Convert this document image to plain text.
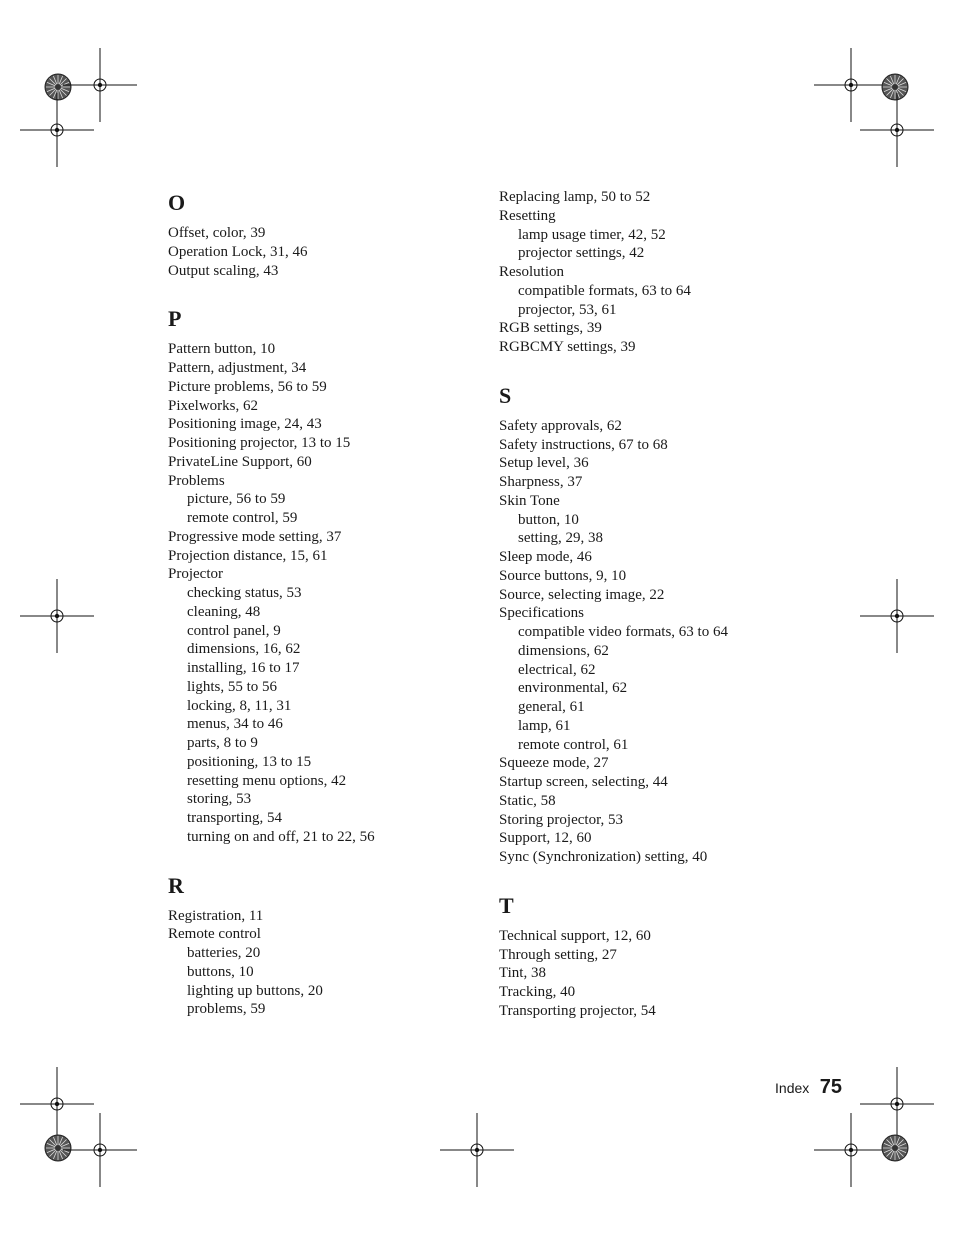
O
Offset, color, 39
Operation Lock, 31, 46
Output scaling, 43
P
Pattern button, 10
Pattern, adjustment, 34
Picture problems, 56 to 59
Pixelworks, 62
Positioning image, 24, 43
Positioning projector, 13 to 15
PrivateLine Support, 60
Problems
picture, 56 to 59
remote control, 59
Progressive mode setting, 37
Projection distance, 15, 61
Projector
checking status, 53
cleaning, 48
control panel, 9
dimensions, 16, 62
installing, 16 to 17
lights, 55 to 56
locking, 8, 11, 31
menus, 34 to 46
parts, 8 to 9
positioning, 13 to 15
resetting menu options, 42
storing, 53
transporting, 54
turning on and off, 21 to 22, 56
R
Registration, 11
Remote control
batteries, 20
buttons, 10
lighting up buttons, 20
problems, 59
Replacing lamp, 50 to 52
Resetting
lamp usage timer, 42, 52
projector settings, 42
Resolution
compatible formats, 63 to 64
projector, 53, 61
RGB settings, 39
RGBCMY settings, 39
S
Safety approvals, 62
Safety instructions, 67 to 68
Setup level, 36
Sharpness, 37
Skin Tone
button, 10
setting, 29, 38
Sleep mode, 46
Source buttons, 9, 10
Source, selecting image, 22
Specifications
compatible video formats, 63 to 64
dimensions, 62
electrical, 62
environmental, 62
general, 61
lamp, 61
remote control, 61
Squeeze mode, 27
Startup screen, selecting, 44
Static, 58
Storing projector, 53
Support, 12, 60
Sync (Synchronization) setting, 40
T
Technical support, 12, 60
Through setting, 27
Tint, 38
Tracking, 40
Transporting projector, 54
Index 75
